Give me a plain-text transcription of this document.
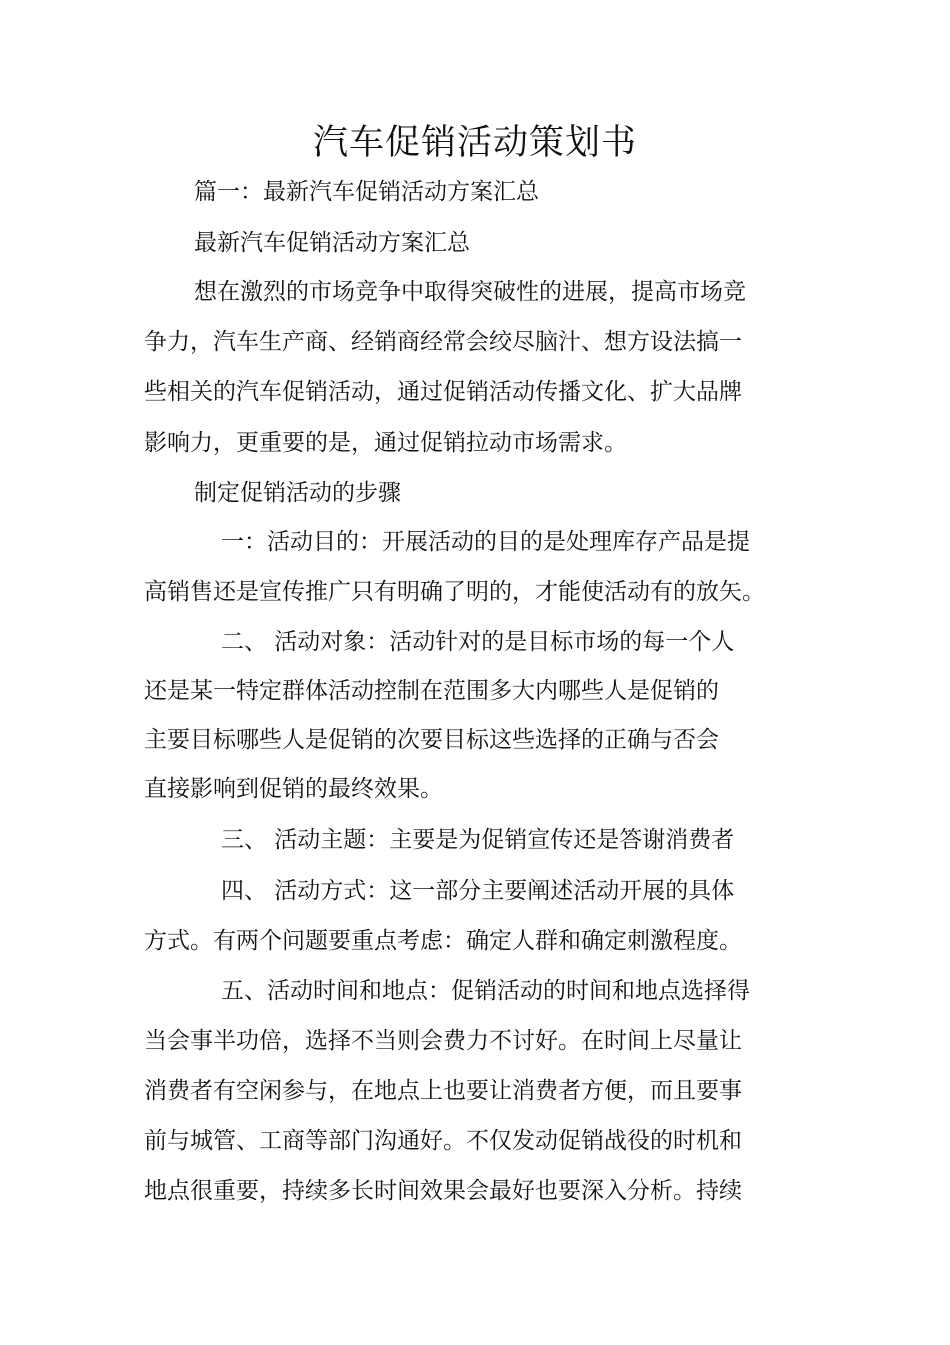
汽车促销活动策划书

篇一：最新汽车促销活动方案汇总

最新汽车促销活动方案汇总

想在激烈的市场竞争中取得突破性的进展，提高市场竞

争力，汽车生产商、经销商经常会绞尽脑汁、想方设法搞一

些相关的汽车促销活动，通过促销活动传播文化、扩大品牌

影响力，更重要的是，通过促销拉动市场需求。

制定促销活动的步骤

一：活动目的：开展活动的目的是处理库存产品是提

高销售还是宣传推广只有明确了明的，才能使活动有的放矢。

二、 活动对象：活动针对的是目标市场的每一个人

还是某一特定群体活动控制在范围多大内哪些人是促销的

主要目标哪些人是促销的次要目标这些选择的正确与否会

直接影响到促销的最终效果。

三、 活动主题：主要是为促销宣传还是答谢消费者

四、 活动方式：这一部分主要阐述活动开展的具体

方式。有两个问题要重点考虑：确定人群和确定刺激程度。

五、活动时间和地点：促销活动的时间和地点选择得

当会事半功倍，选择不当则会费力不讨好。在时间上尽量让

消费者有空闲参与，在地点上也要让消费者方便，而且要事

前与城管、工商等部门沟通好。不仅发动促销战役的时机和

地点很重要，持续多长时间效果会最好也要深入分析。持续
